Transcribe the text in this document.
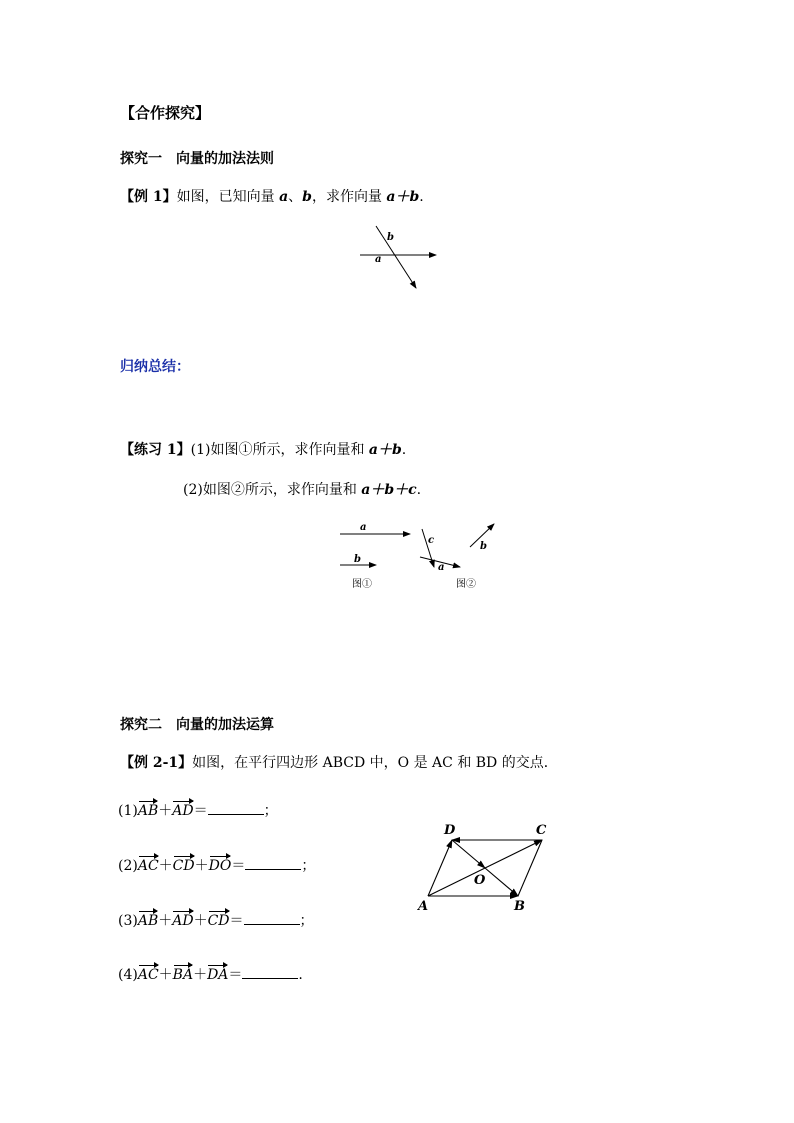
【合作探究】
探究一　向量的加法法则
【例 1】如图，已知向量 a、b，求作向量 a＋b.
b
a
归纳总结：
【练习 1】(1)如图①所示，求作向量和 a＋b.
(2)如图②所示，求作向量和 a＋b＋c.
a
b
图①
c
a
b
图②
探究二　向量的加法运算
【例 2-1】如图，在平行四边形 ABCD 中，O 是 AC 和 BD 的交点．
(1)AB＋AD＝	；
(2)AC＋CD＋DO＝	；
(3)AB＋AD＋CD＝	；
(4)AC＋BA＋DA＝	.
A	B
C
D
O
